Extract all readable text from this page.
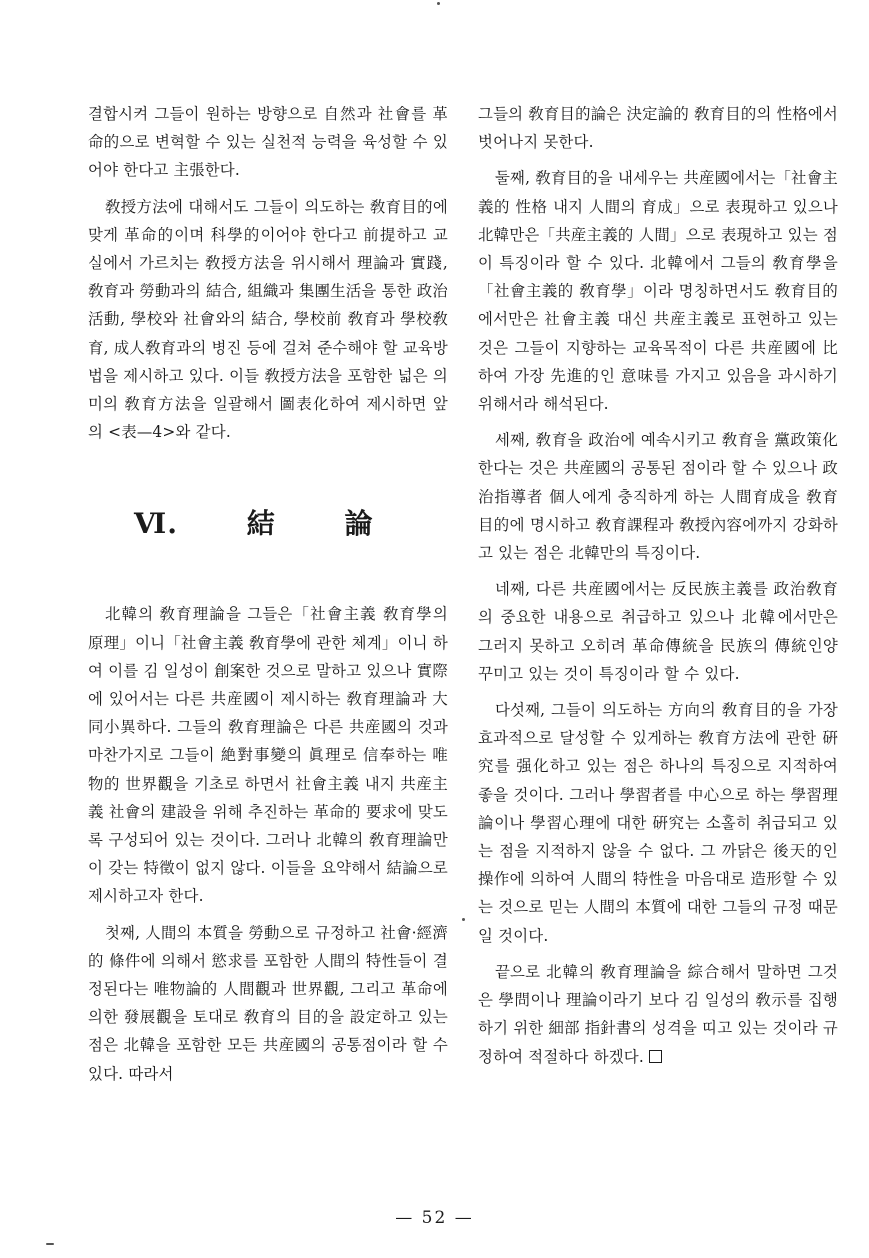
결합시켜 그들이 원하는 방향으로 自然과 社會를 革命的으로 변혁할 수 있는 실천적 능력을 육성할 수 있어야 한다고 主張한다.

敎授方法에 대해서도 그들이 의도하는 敎育目的에 맞게 革命的이며 科學的이어야 한다고 前提하고 교실에서 가르치는 敎授方法을 위시해서 理論과 實踐, 敎育과 勞動과의 結合, 組織과 集團生活을 통한 政治活動, 學校와 社會와의 結合, 學校前 敎育과 學校敎育, 成人敎育과의 병진 등에 걸쳐 준수해야 할 교육방법을 제시하고 있다. 이들 敎授方法을 포함한 넓은 의미의 敎育方法을 일괄해서 圖表化하여 제시하면 앞의 <表—4>와 같다.

Ⅵ. 結 論

北韓의 敎育理論을 그들은「社會主義 敎育學의 原理」이니「社會主義 敎育學에 관한 체계」이니 하여 이를 김 일성이 創案한 것으로 말하고 있으나 實際에 있어서는 다른 共産國이 제시하는 敎育理論과 大同小異하다. 그들의 敎育理論은 다른 共産國의 것과 마찬가지로 그들이 絶對事變의 眞理로 信奉하는 唯物的 世界觀을 기초로 하면서 社會主義 내지 共産主義 社會의 建設을 위해 추진하는 革命的 要求에 맞도록 구성되어 있는 것이다. 그러나 北韓의 敎育理論만이 갖는 特徵이 없지 않다. 이들을 요약해서 結論으로 제시하고자 한다.

첫째, 人間의 本質을 勞動으로 규정하고 社會·經濟的 條件에 의해서 慾求를 포함한 人間의 特性들이 결정된다는 唯物論的 人間觀과 世界觀, 그리고 革命에 의한 發展觀을 토대로 敎育의 目的을 設定하고 있는 점은 北韓을 포함한 모든 共産國의 공통점이라 할 수 있다. 따라서

그들의 敎育目的論은 決定論的 敎育目的의 性格에서 벗어나지 못한다.

둘째, 敎育目的을 내세우는 共産國에서는「社會主義的 性格 내지 人間의 育成」으로 表現하고 있으나 北韓만은「共産主義的 人間」으로 表現하고 있는 점이 특징이라 할 수 있다. 北韓에서 그들의 敎育學을「社會主義的 敎育學」이라 명칭하면서도 敎育目的에서만은 社會主義 대신 共産主義로 표현하고 있는 것은 그들이 지향하는 교육목적이 다른 共産國에 比하여 가장 先進的인 意味를 가지고 있음을 과시하기 위해서라 해석된다.

세째, 敎育을 政治에 예속시키고 敎育을 黨政策化한다는 것은 共産國의 공통된 점이라 할 수 있으나 政治指導者 個人에게 충직하게 하는 人間育成을 敎育目的에 명시하고 敎育課程과 敎授內容에까지 강화하고 있는 점은 北韓만의 특징이다.

네째, 다른 共産國에서는 反民族主義를 政治敎育의 중요한 내용으로 취급하고 있으나 北韓에서만은 그러지 못하고 오히려 革命傳統을 民族의 傳統인양 꾸미고 있는 것이 특징이라 할 수 있다.

다섯째, 그들이 의도하는 方向의 敎育目的을 가장 효과적으로 달성할 수 있게하는 敎育方法에 관한 硏究를 强化하고 있는 점은 하나의 특징으로 지적하여 좋을 것이다. 그러나 學習者를 中心으로 하는 學習理論이나 學習心理에 대한 硏究는 소홀히 취급되고 있는 점을 지적하지 않을 수 없다. 그 까닭은 後天的인 操作에 의하여 人間의 特性을 마음대로 造形할 수 있는 것으로 믿는 人間의 本質에 대한 그들의 규정 때문일 것이다.

끝으로 北韓의 敎育理論을 綜合해서 말하면 그것은 學問이나 理論이라기 보다 김 일성의 敎示를 집행하기 위한 細部 指針書의 성격을 띠고 있는 것이라 규정하여 적절하다 하겠다.

— 52 —
